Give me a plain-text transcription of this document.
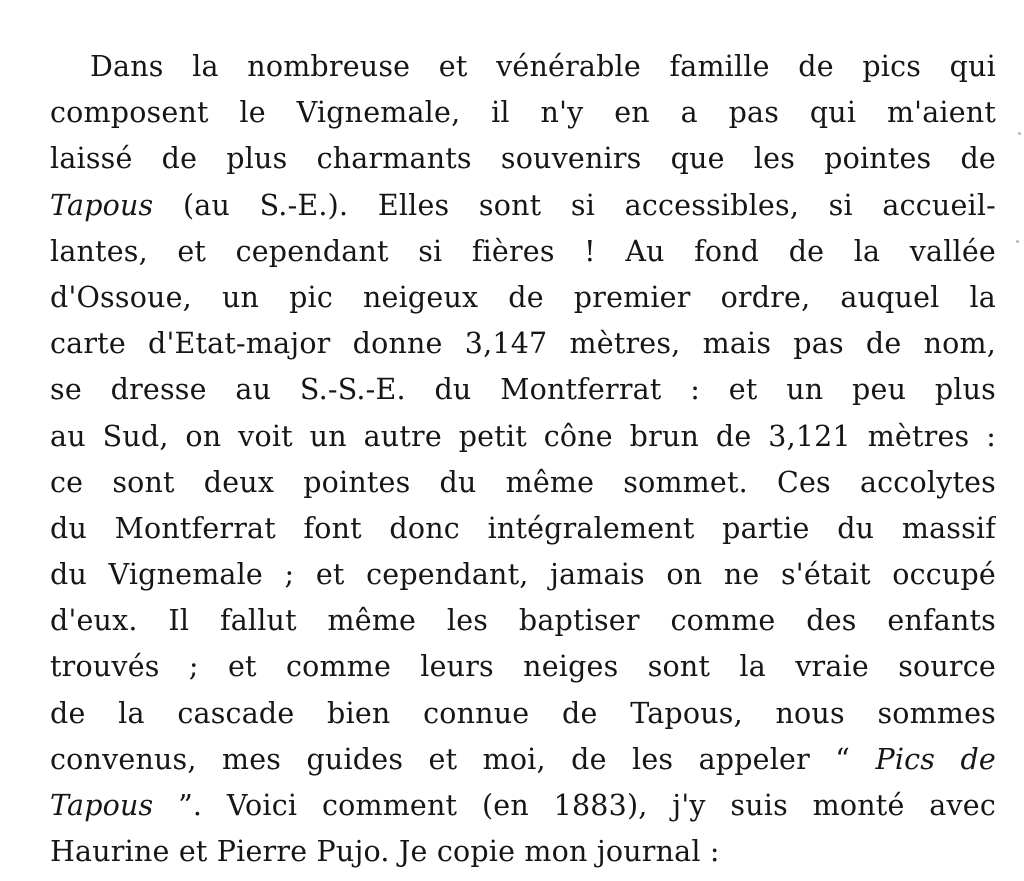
Dans la nombreuse et vénérable famille de pics qui
composent le Vignemale, il n'y en a pas qui m'aient
laissé de plus charmants souvenirs que les pointes de
Tapous (au S.-E.). Elles sont si accessibles, si accueil-
lantes, et cependant si fières ! Au fond de la vallée
d'Ossoue, un pic neigeux de premier ordre, auquel la
carte d'Etat-major donne 3,147 mètres, mais pas de nom,
se dresse au S.-S.-E. du Montferrat : et un peu plus
au Sud, on voit un autre petit cône brun de 3,121 mètres :
ce sont deux pointes du même sommet. Ces accolytes
du Montferrat font donc intégralement partie du massif
du Vignemale ; et cependant, jamais on ne s'était occupé
d'eux. Il fallut même les baptiser comme des enfants
trouvés ; et comme leurs neiges sont la vraie source
de la cascade bien connue de Tapous, nous sommes
convenus, mes guides et moi, de les appeler “ Pics de
Tapous ”. Voici comment (en 1883), j'y suis monté avec
Haurine et Pierre Pujo. Je copie mon journal :
